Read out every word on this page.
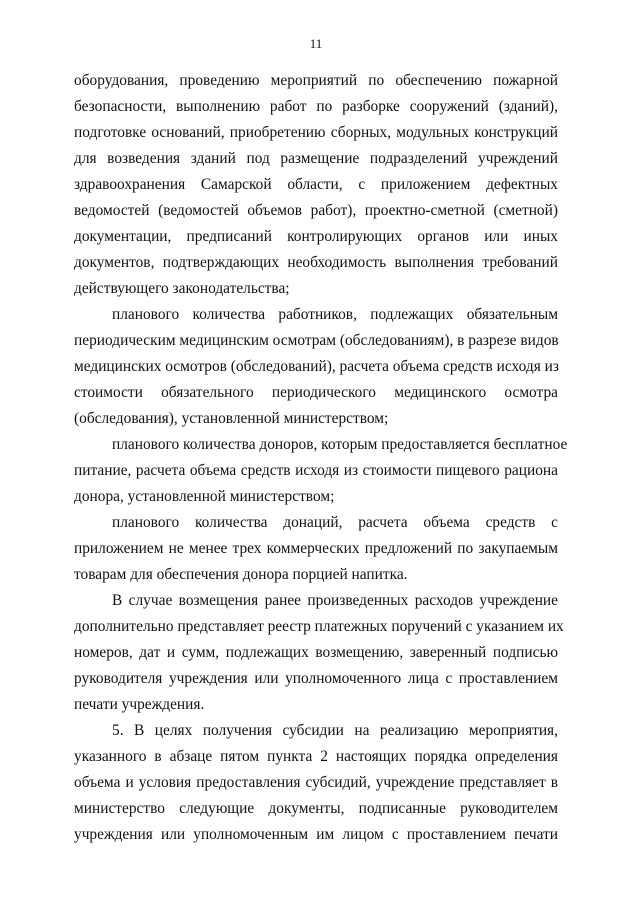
11
оборудования, проведению мероприятий по обеспечению пожарной
безопасности, выполнению работ по разборке сооружений (зданий),
подготовке оснований, приобретению сборных, модульных конструкций
для возведения зданий под размещение подразделений учреждений
здравоохранения Самарской области, с приложением дефектных
ведомостей (ведомостей объемов работ), проектно-сметной (сметной)
документации, предписаний контролирующих органов или иных
документов, подтверждающих необходимость выполнения требований
действующего законодательства;
планового количества работников, подлежащих обязательным
периодическим медицинским осмотрам (обследованиям), в разрезе видов
медицинских осмотров (обследований), расчета объема средств исходя из
стоимости обязательного периодического медицинского осмотра
(обследования), установленной министерством;
планового количества доноров, которым предоставляется бесплатное
питание, расчета объема средств исходя из стоимости пищевого рациона
донора, установленной министерством;
планового количества донаций, расчета объема средств с
приложением не менее трех коммерческих предложений по закупаемым
товарам для обеспечения донора порцией напитка.
В случае возмещения ранее произведенных расходов учреждение
дополнительно представляет реестр платежных поручений с указанием их
номеров, дат и сумм, подлежащих возмещению, заверенный подписью
руководителя учреждения или уполномоченного лица с проставлением
печати учреждения.
5. В целях получения субсидии на реализацию мероприятия,
указанного в абзаце пятом пункта 2 настоящих порядка определения
объема и условия предоставления субсидий, учреждение представляет в
министерство следующие документы, подписанные руководителем
учреждения или уполномоченным им лицом с проставлением печати
